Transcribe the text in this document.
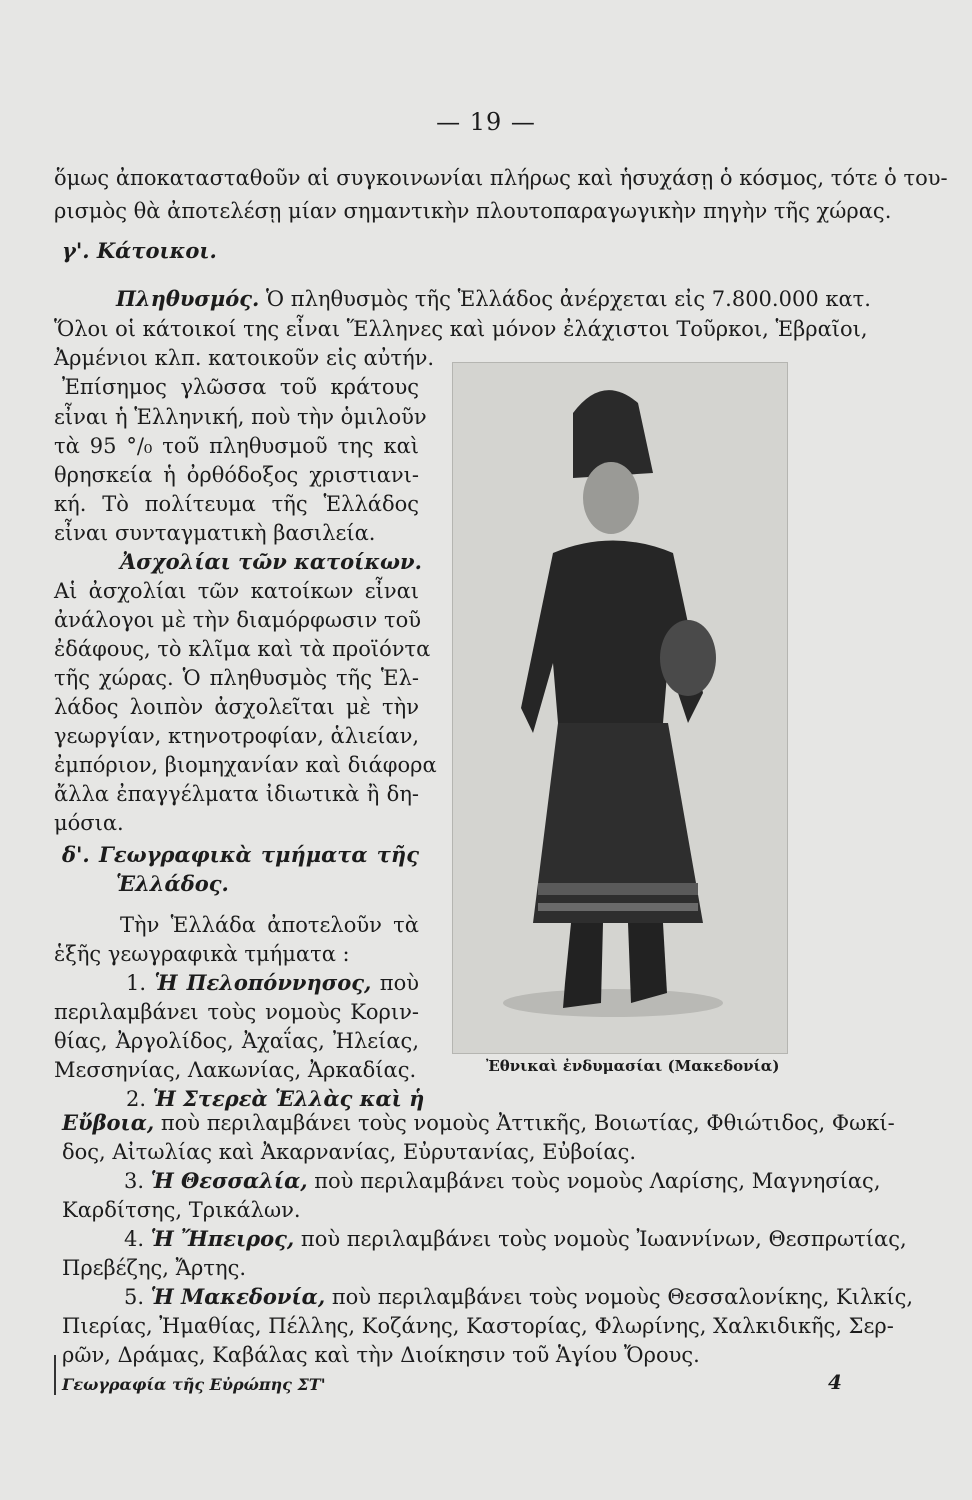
— 19 —
ὅμως ἀποκατασταθοῦν αἱ συγκοινωνίαι πλήρως καὶ ἡσυχάσῃ ὁ κόσμος, τότε ὁ του-
ρισμὸς θὰ ἀποτελέσῃ μίαν σημαντικὴν πλουτοπαραγωγικὴν πηγὴν τῆς χώρας.
γ'. Κάτοικοι.
Πληθυσμός. Ὁ πληθυσμὸς τῆς Ἑλλάδος ἀνέρχεται εἰς 7.800.000 κατ.
Ὅλοι οἱ κάτοικοί της εἶναι Ἕλληνες καὶ μόνον ἐλάχιστοι Τοῦρκοι, Ἑβραῖοι,
Ἀρμένιοι κλπ. κατοικοῦν εἰς αὐτήν.
Ἐπίσημος γλῶσσα τοῦ κράτους
εἶναι ἡ Ἑλληνική, ποὺ τὴν ὁμιλοῦν
τὰ 95 °/₀ τοῦ πληθυσμοῦ της καὶ
θρησκεία ἡ ὀρθόδοξος χριστιανι-
κή. Τὸ πολίτευμα τῆς Ἑλλάδος
εἶναι συνταγματικὴ βασιλεία.
Ἀσχολίαι τῶν κατοίκων.
Αἱ ἀσχολίαι τῶν κατοίκων εἶναι
ἀνάλογοι μὲ τὴν διαμόρφωσιν τοῦ
ἐδάφους, τὸ κλῖμα καὶ τὰ προϊόντα
τῆς χώρας. Ὁ πληθυσμὸς τῆς Ἑλ-
λάδος λοιπὸν ἀσχολεῖται μὲ τὴν
γεωργίαν, κτηνοτροφίαν, ἁλιείαν,
ἐμπόριον, βιομηχανίαν καὶ διάφορα
ἄλλα ἐπαγγέλματα ἰδιωτικὰ ἢ δη-
μόσια.
δ'. Γεωγραφικὰ τμήματα τῆς
Ἑλλάδος.
Τὴν Ἑλλάδα ἀποτελοῦν τὰ
ἑξῆς γεωγραφικὰ τμήματα :
1. Ἡ Πελοπόννησος, ποὺ
περιλαμβάνει τοὺς νομοὺς Κοριν-
θίας, Ἀργολίδος, Ἀχαΐας, Ἠλείας,
Μεσσηνίας, Λακωνίας, Ἀρκαδίας.
2. Ἡ Στερεὰ Ἑλλὰς καὶ ἡ
Ἐθνικαὶ ἐνδυμασίαι (Μακεδονία)
Εὔβοια, ποὺ περιλαμβάνει τοὺς νομοὺς Ἀττικῆς, Βοιωτίας, Φθιώτιδος, Φωκί-
δος, Αἰτωλίας καὶ Ἀκαρνανίας, Εὐρυτανίας, Εὐβοίας.
3. Ἡ Θεσσαλία, ποὺ περιλαμβάνει τοὺς νομοὺς Λαρίσης, Μαγνησίας,
Καρδίτσης, Τρικάλων.
4. Ἡ Ἤπειρος, ποὺ περιλαμβάνει τοὺς νομοὺς Ἰωαννίνων, Θεσπρωτίας,
Πρεβέζης, Ἄρτης.
5. Ἡ Μακεδονία, ποὺ περιλαμβάνει τοὺς νομοὺς Θεσσαλονίκης, Κιλκίς,
Πιερίας, Ἠμαθίας, Πέλλης, Κοζάνης, Καστορίας, Φλωρίνης, Χαλκιδικῆς, Σερ-
ρῶν, Δράμας, Καβάλας καὶ τὴν Διοίκησιν τοῦ Ἁγίου Ὄρους.
Γεωγραφία τῆς Εὐρώπης ΣΤ'	4
